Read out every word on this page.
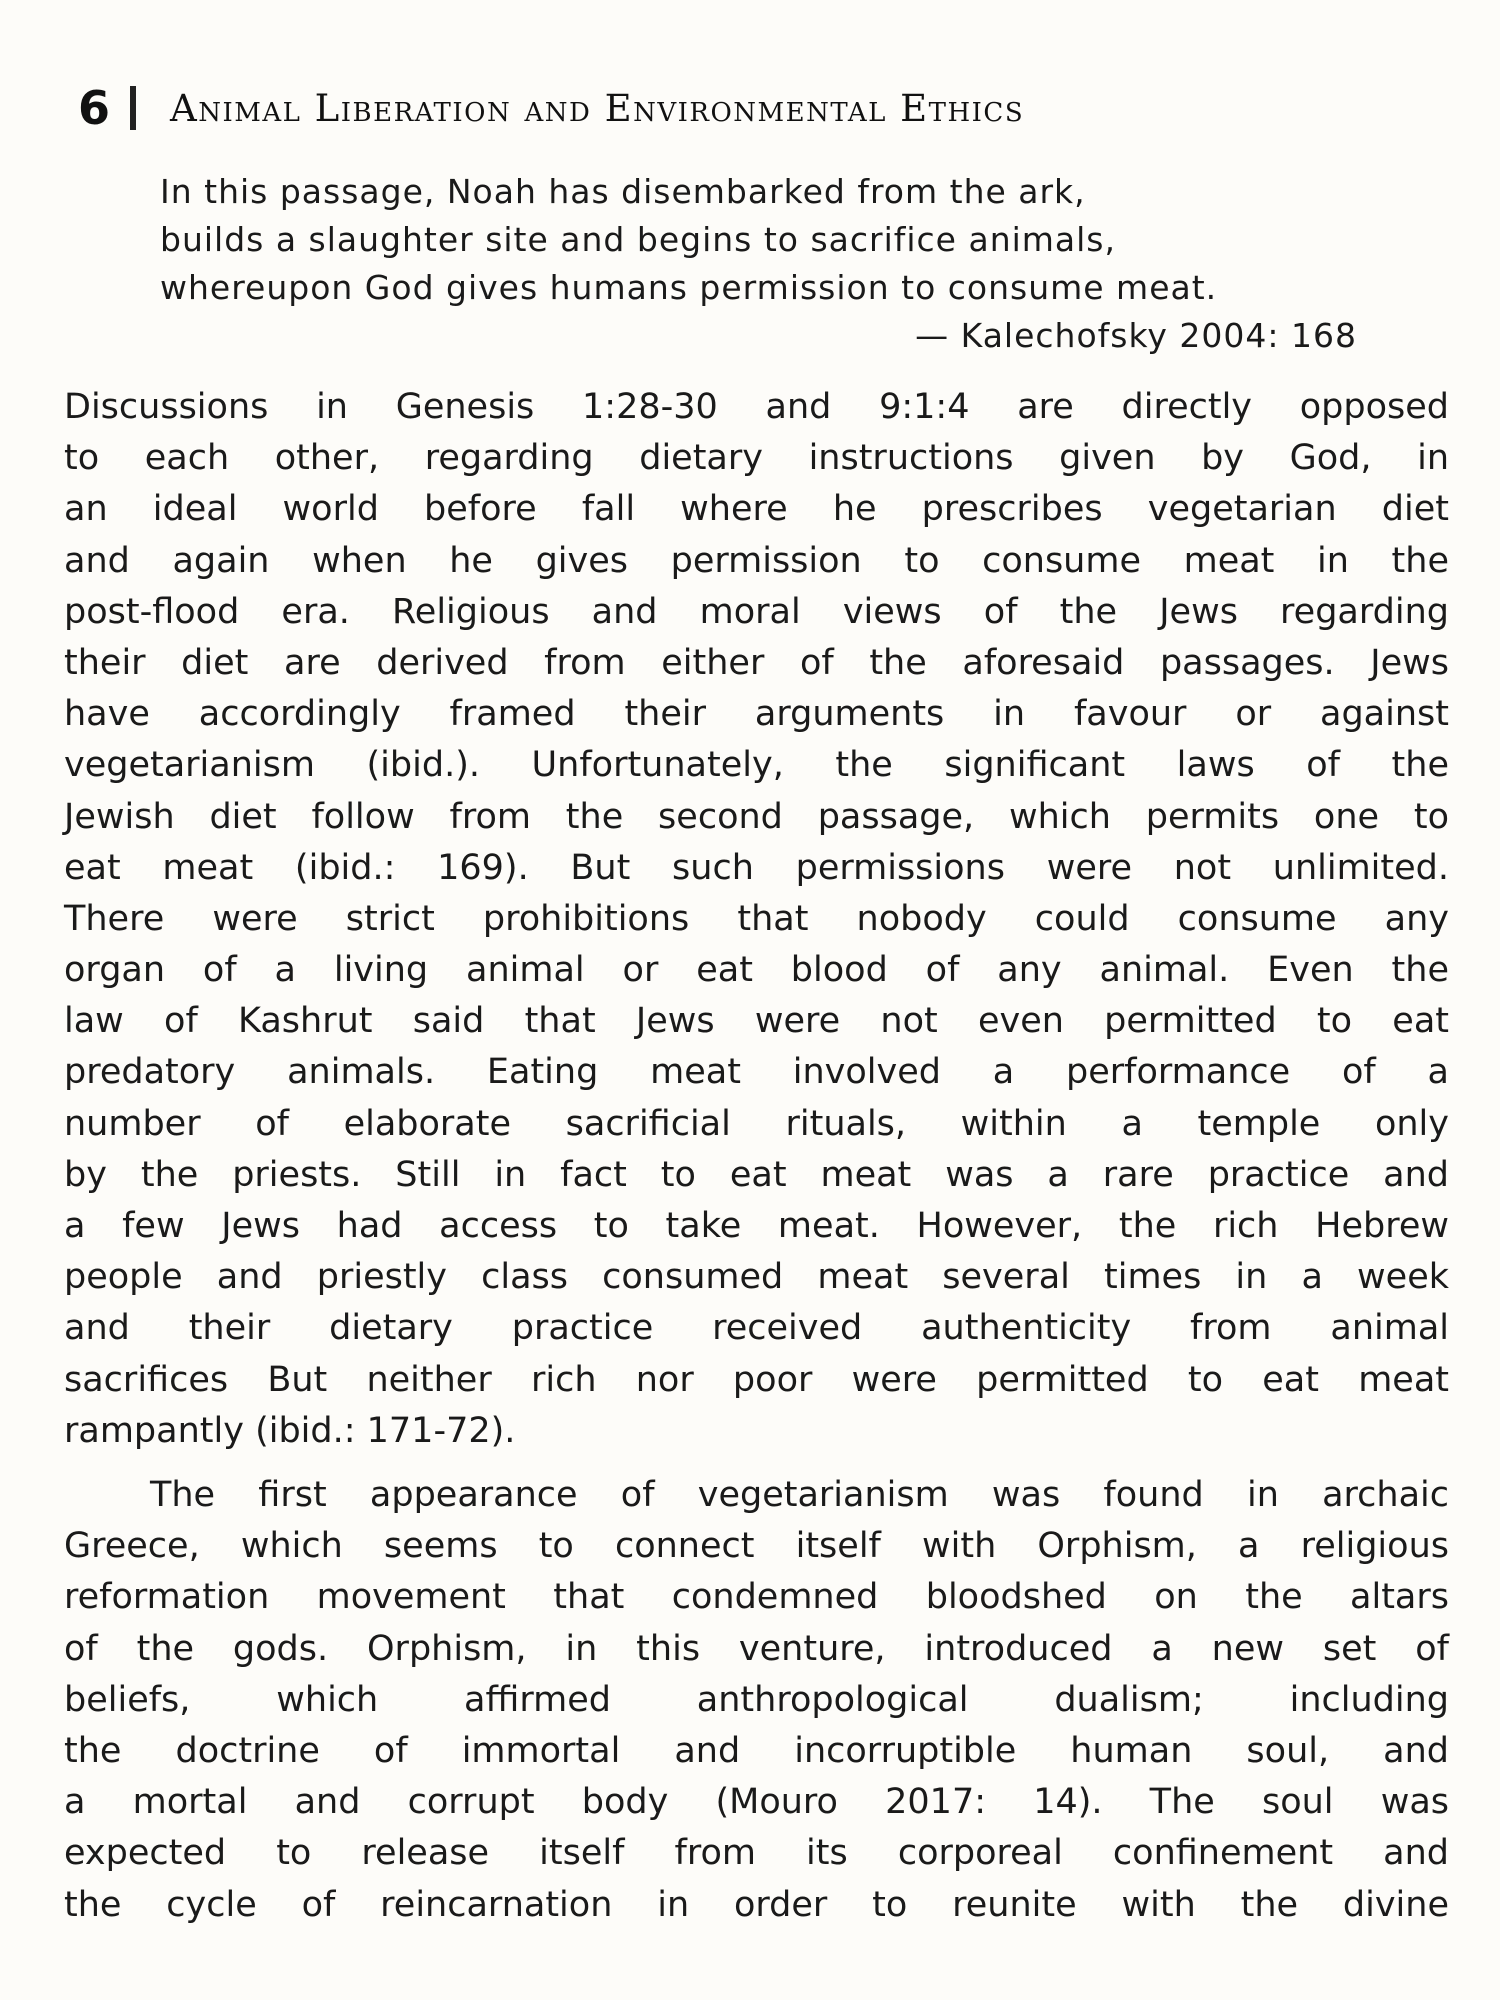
6 Animal Liberation and Environmental Ethics
In this passage, Noah has disembarked from the ark,
builds a slaughter site and begins to sacrifice animals,
whereupon God gives humans permission to consume meat.
— Kalechofsky 2004: 168
Discussions in Genesis 1:28-30 and 9:1:4 are directly opposed
to each other, regarding dietary instructions given by God, in
an ideal world before fall where he prescribes vegetarian diet
and again when he gives permission to consume meat in the
post-flood era. Religious and moral views of the Jews regarding
their diet are derived from either of the aforesaid passages. Jews
have accordingly framed their arguments in favour or against
vegetarianism (ibid.). Unfortunately, the significant laws of the
Jewish diet follow from the second passage, which permits one to
eat meat (ibid.: 169). But such permissions were not unlimited.
There were strict prohibitions that nobody could consume any
organ of a living animal or eat blood of any animal. Even the
law of Kashrut said that Jews were not even permitted to eat
predatory animals. Eating meat involved a performance of a
number of elaborate sacrificial rituals, within a temple only
by the priests. Still in fact to eat meat was a rare practice and
a few Jews had access to take meat. However, the rich Hebrew
people and priestly class consumed meat several times in a week
and their dietary practice received authenticity from animal
sacrifices But neither rich nor poor were permitted to eat meat
rampantly (ibid.: 171-72).
The first appearance of vegetarianism was found in archaic
Greece, which seems to connect itself with Orphism, a religious
reformation movement that condemned bloodshed on the altars
of the gods. Orphism, in this venture, introduced a new set of
beliefs, which affirmed anthropological dualism; including
the doctrine of immortal and incorruptible human soul, and
a mortal and corrupt body (Mouro 2017: 14). The soul was
expected to release itself from its corporeal confinement and
the cycle of reincarnation in order to reunite with the divine
